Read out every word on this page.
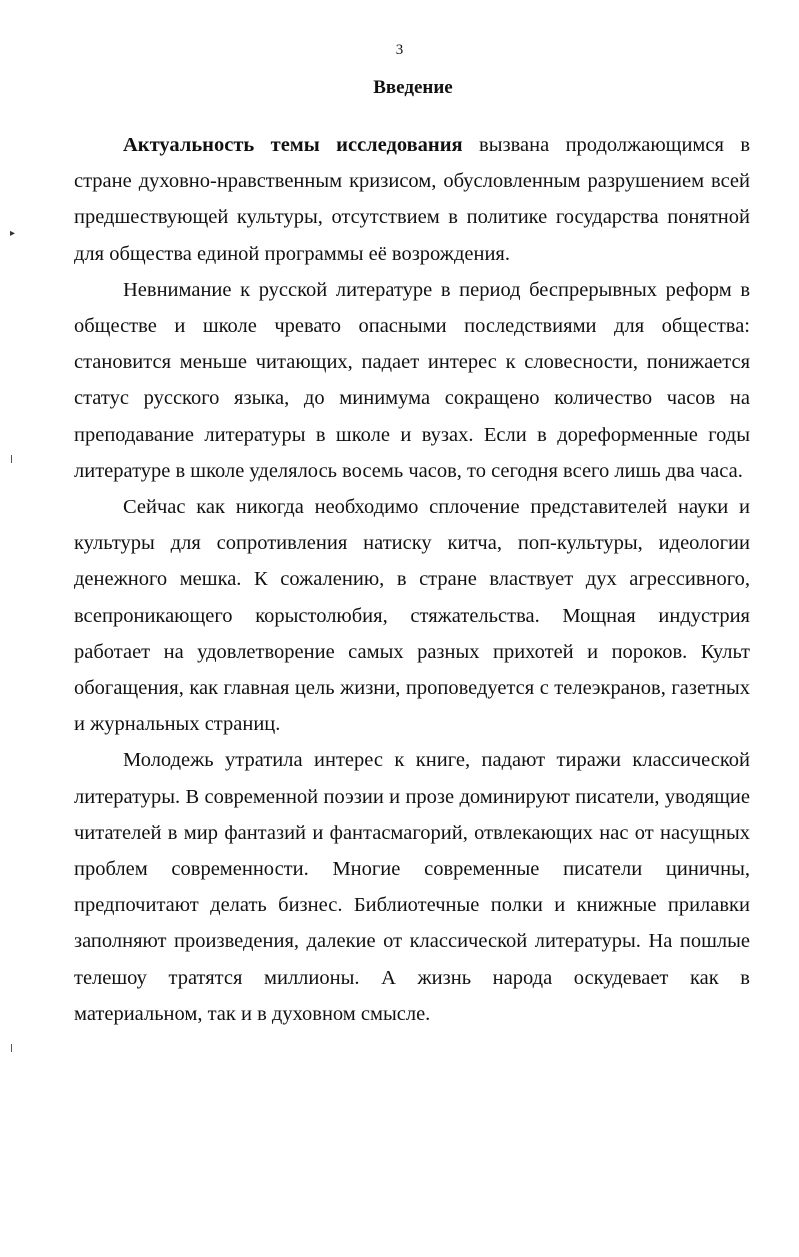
3
Введение
▸

Актуальность темы исследования вызвана продолжающимся в стране духовно-нравственным кризисом, обусловленным разрушением всей предшествующей культуры, отсутствием в политике государства понятной для общества единой программы её возрождения.

Невнимание к русской литературе в период беспрерывных реформ в обществе и школе чревато опасными последствиями для общества: становится меньше читающих, падает интерес к словесности, понижается статус русского языка, до минимума сокращено количество часов на преподавание литературы в школе и вузах. Если в дореформенные годы литературе в школе уделялось восемь часов, то сегодня всего лишь два часа.

Сейчас как никогда необходимо сплочение представителей науки и культуры для сопротивления натиску китча, поп-культуры, идеологии денежного мешка. К сожалению, в стране властвует дух агрессивного, всепроникающего корыстолюбия, стяжательства. Мощная индустрия работает на удовлетворение самых разных прихотей и пороков. Культ обогащения, как главная цель жизни, проповедуется с телеэкранов, газетных и журнальных страниц.

Молодежь утратила интерес к книге, падают тиражи классической литературы. В современной поэзии и прозе доминируют писатели, уводящие читателей в мир фантазий и фантасмагорий, отвлекающих нас от насущных проблем современности. Многие современные писатели циничны, предпочитают делать бизнес. Библиотечные полки и книжные прилавки заполняют произведения, далекие от классической литературы. На пошлые телешоу тратятся миллионы. А жизнь народа оскудевает как в материальном, так и в духовном смысле.
